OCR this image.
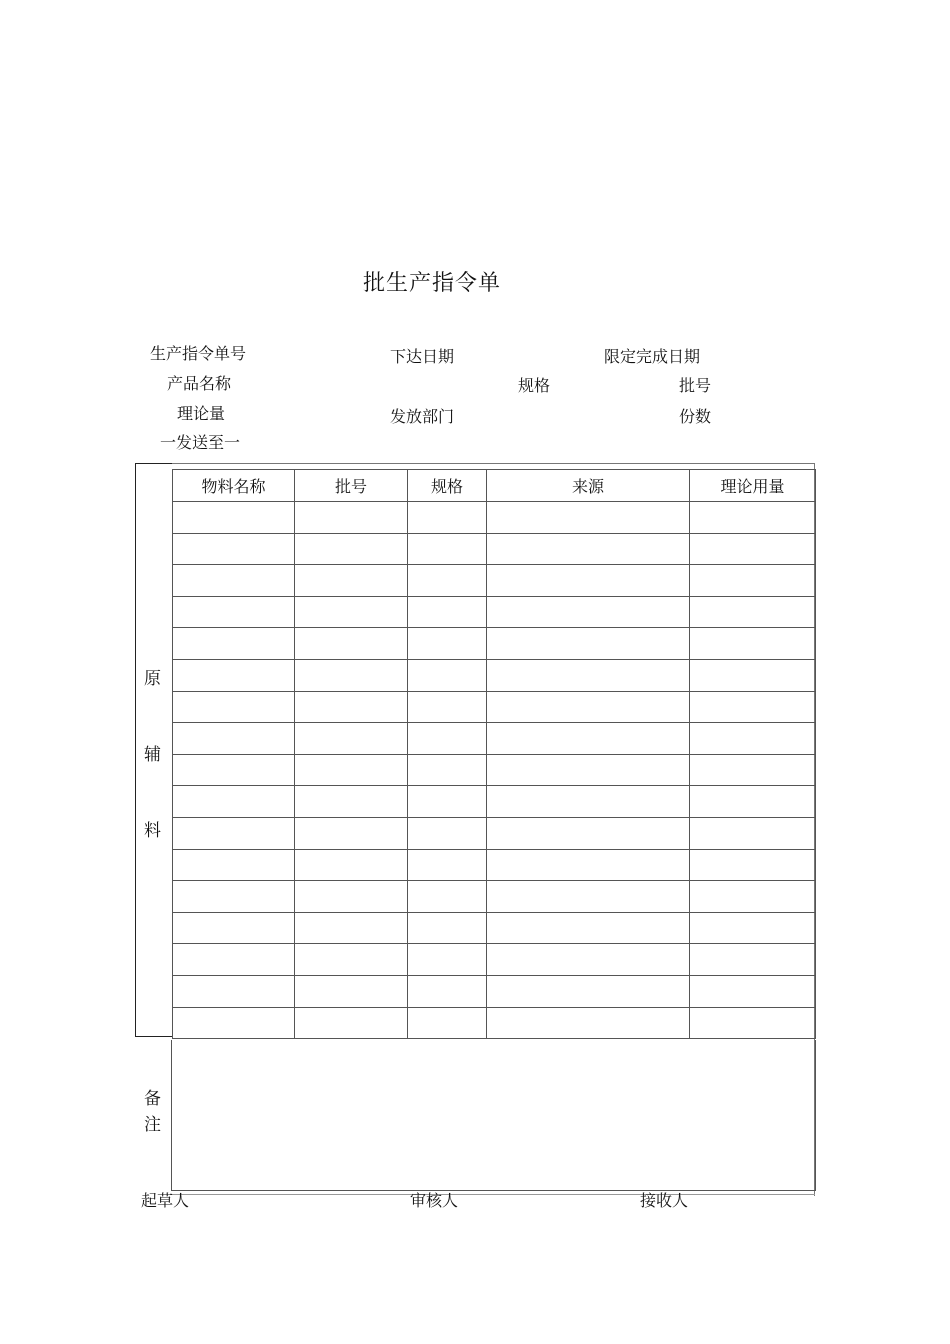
批生产指令单
生产指令单号	下达日期	限定完成日期
产品名称	规格	批号
理论量	发放部门	份数
一发送至一
原
辅
料
物料名称	批号	规格	来源	理论用量

备
注
起草人	审核人	接收人
